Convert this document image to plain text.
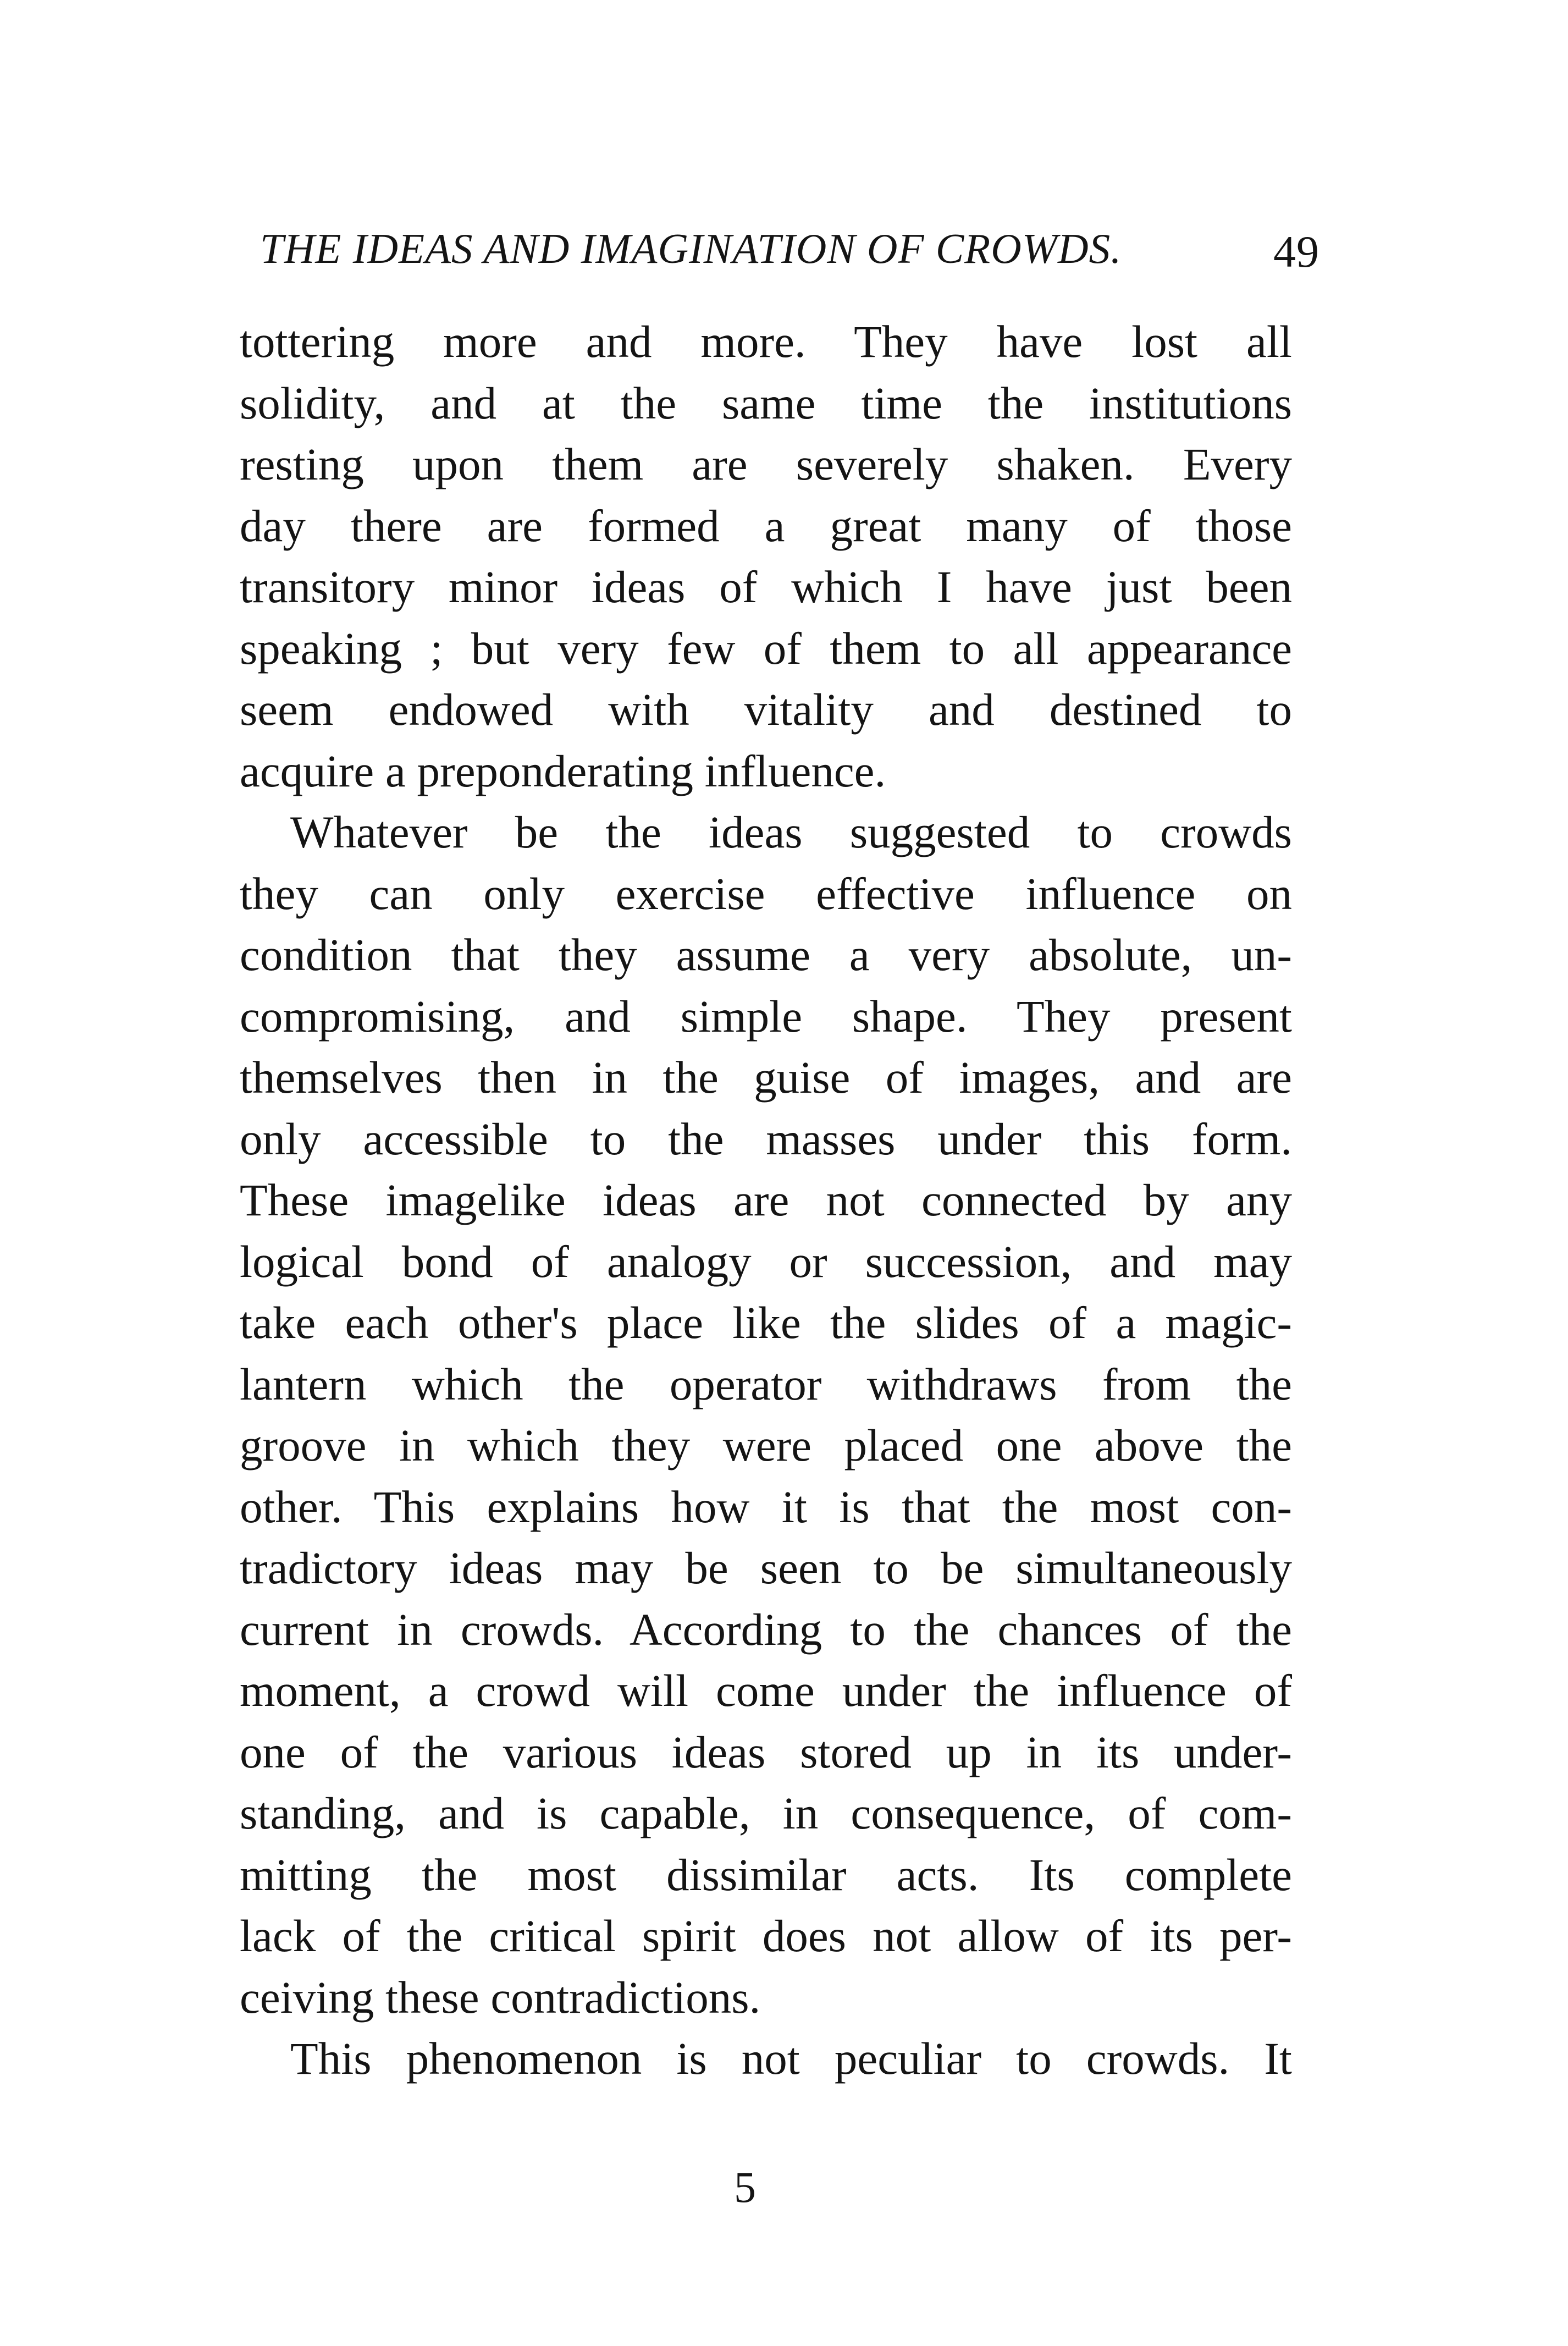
THE IDEAS AND IMAGINATION OF CROWDS.	49
tottering more and more. They have lost all
solidity, and at the same time the institutions
resting upon them are severely shaken. Every
day there are formed a great many of those
transitory minor ideas of which I have just been
speaking ; but very few of them to all appearance
seem endowed with vitality and destined to
acquire a preponderating influence.
Whatever be the ideas suggested to crowds
they can only exercise effective influence on
condition that they assume a very absolute, un-
compromising, and simple shape. They present
themselves then in the guise of images, and are
only accessible to the masses under this form.
These imagelike ideas are not connected by any
logical bond of analogy or succession, and may
take each other's place like the slides of a magic-
lantern which the operator withdraws from the
groove in which they were placed one above the
other. This explains how it is that the most con-
tradictory ideas may be seen to be simultaneously
current in crowds. According to the chances of the
moment, a crowd will come under the influence of
one of the various ideas stored up in its under-
standing, and is capable, in consequence, of com-
mitting the most dissimilar acts. Its complete
lack of the critical spirit does not allow of its per-
ceiving these contradictions.
This phenomenon is not peculiar to crowds. It
5
